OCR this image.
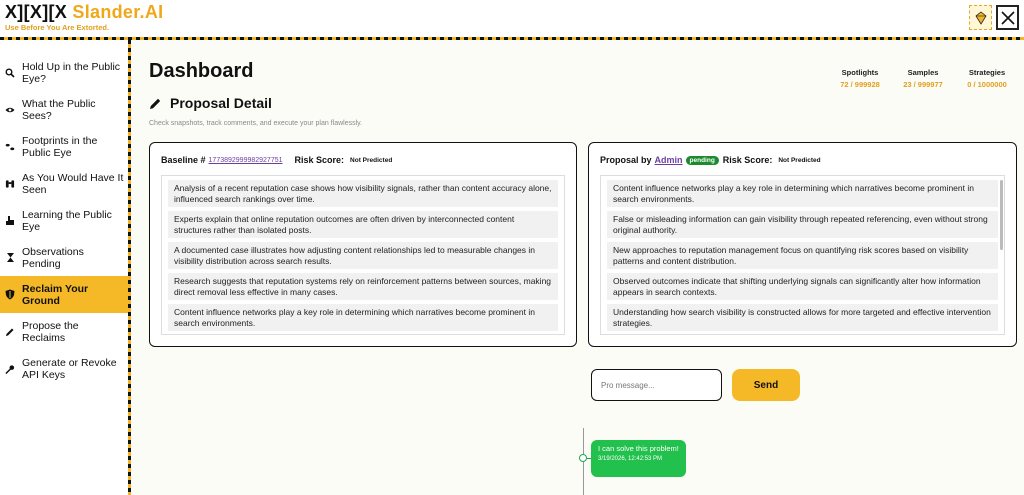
X][X][X Slander.AI
Use Before You Are Extorted.
Hold Up in the Public Eye?
What the Public Sees?
Footprints in the Public Eye
As You Would Have It Seen
Learning the Public Eye
Observations Pending
Reclaim Your Ground
Propose the Reclaims
Generate or Revoke API Keys
Dashboard	Spotlights
72 / 999928
Samples
23 / 999977
Strategies
0 / 1000000
Proposal Detail
Check snapshots, track comments, and execute your plan flawlessly.
Baseline # 1773892999982927751 Risk Score: Not Predicted
Analysis of a recent reputation case shows how visibility signals, rather than content accuracy alone, influenced search rankings over time.
Experts explain that online reputation outcomes are often driven by interconnected content structures rather than isolated posts.
A documented case illustrates how adjusting content relationships led to measurable changes in visibility distribution across search results.
Research suggests that reputation systems rely on reinforcement patterns between sources, making direct removal less effective in many cases.
Content influence networks play a key role in determining which narratives become prominent in search environments.
Proposal by Admin	pending Risk Score: Not Predicted
Content influence networks play a key role in determining which narratives become prominent in search environments.
False or misleading information can gain visibility through repeated referencing, even without strong original authority.
New approaches to reputation management focus on quantifying risk scores based on visibility patterns and content distribution.
Observed outcomes indicate that shifting underlying signals can significantly alter how information appears in search contexts.
Understanding how search visibility is constructed allows for more targeted and effective intervention strategies.
Pro message...
Send
I can solve this problem!
3/19/2026, 12:42:53 PM
